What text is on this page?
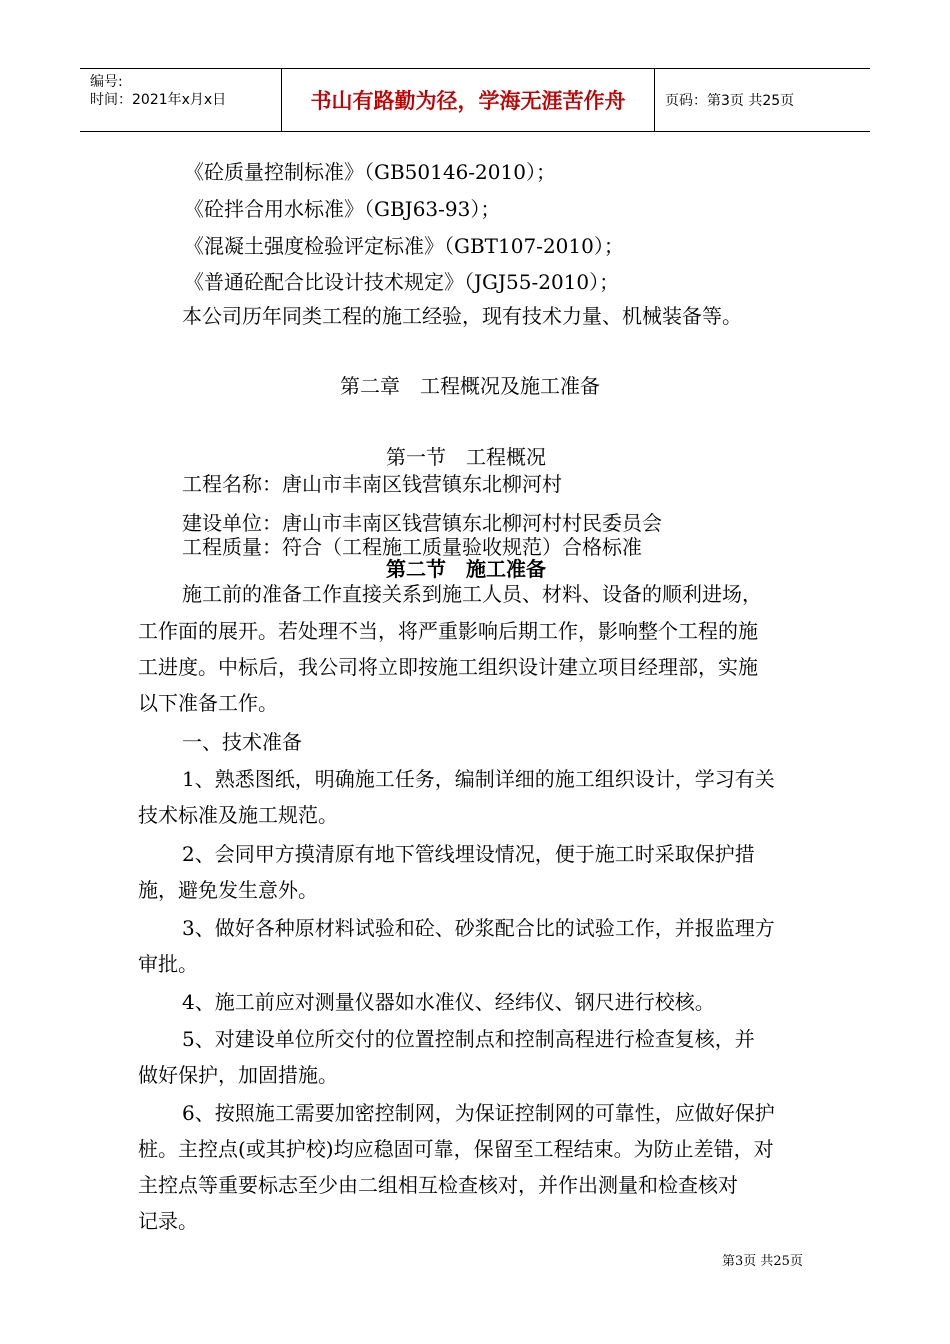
编号:
时间：2021年x月x日	书山有路勤为径，学海无涯苦作舟	页码：第3页 共25页
《砼质量控制标准》（GB50146-2010）；
《砼拌合用水标准》（GBJ63-93）；
《混凝土强度检验评定标准》（GBT107-2010）；
《普通砼配合比设计技术规定》（JGJ55-2010）；
本公司历年同类工程的施工经验，现有技术力量、机械装备等。
第二章　工程概况及施工准备
第一节　工程概况
工程名称：唐山市丰南区钱营镇东北柳河村
建设单位：唐山市丰南区钱营镇东北柳河村村民委员会
工程质量：符合（工程施工质量验收规范）合格标准
第二节　施工准备
施工前的准备工作直接关系到施工人员、材料、设备的顺利进场，
工作面的展开。若处理不当，将严重影响后期工作，影响整个工程的施
工进度。中标后，我公司将立即按施工组织设计建立项目经理部，实施
以下准备工作。
一、技术准备
1、熟悉图纸，明确施工任务，编制详细的施工组织设计，学习有关
技术标准及施工规范。
2、会同甲方摸清原有地下管线埋设情况，便于施工时采取保护措
施，避免发生意外。
3、做好各种原材料试验和砼、砂浆配合比的试验工作，并报监理方
审批。
4、施工前应对测量仪器如水准仪、经纬仪、钢尺进行校核。
5、对建设单位所交付的位置控制点和控制高程进行检查复核，并
做好保护，加固措施。
6、按照施工需要加密控制网，为保证控制网的可靠性，应做好保护
桩。主控点(或其护校)均应稳固可靠，保留至工程结束。为防止差错，对
主控点等重要标志至少由二组相互检查核对，并作出测量和检查核对
记录。
第3页 共25页
